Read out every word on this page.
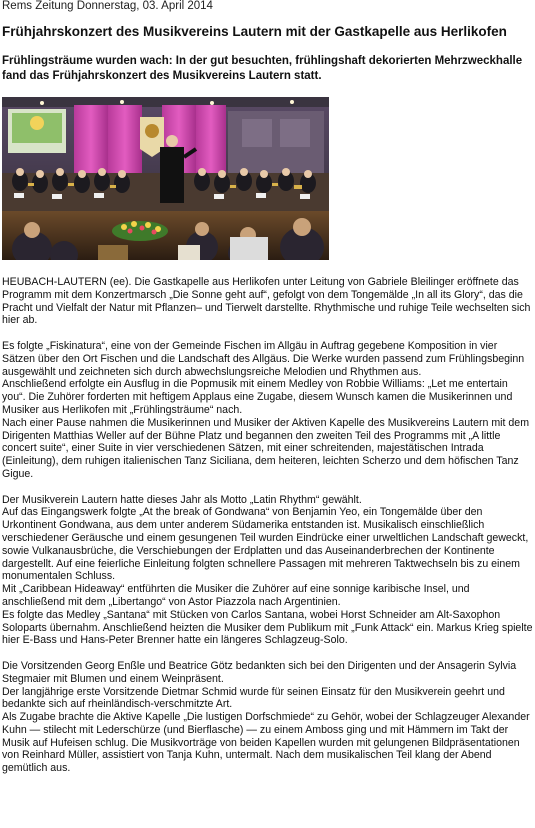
Rems Zeitung Donnerstag, 03. April 2014
Frühjahrskonzert des Musikvereins Lautern mit der Gastkapelle aus Herlikofen
Frühlingsträume wurden wach: In der gut besuchten, frühlingshaft dekorierten Mehrzweckhalle fand das Frühjahrskonzert des Musikvereins Lautern statt.

HEUBACH-LAUTERN (ee). Die Gastkapelle aus Herlikofen unter Leitung von Gabriele Bleilinger eröffnete das Programm mit dem Konzertmarsch „Die Sonne geht auf“, gefolgt von dem Tongemälde „In all its Glory“, das die Pracht und Vielfalt der Natur mit Pflanzen– und Tierwelt darstellte. Rhythmische und ruhige Teile wechselten sich hier ab.

Es folgte „Fiskinatura“, eine von der Gemeinde Fischen im Allgäu in Auftrag gegebene Komposition in vier Sätzen über den Ort Fischen und die Landschaft des Allgäus. Die Werke wurden passend zum Frühlingsbeginn ausgewählt und zeichneten sich durch abwechslungsreiche Melodien und Rhythmen aus.

Anschließend erfolgte ein Ausflug in die Popmusik mit einem Medley von Robbie Williams: „Let me entertain you“. Die Zuhörer forderten mit heftigem Applaus eine Zugabe, diesem Wunsch kamen die Musikerinnen und Musiker aus Herlikofen mit „Frühlingsträume“ nach.

Nach einer Pause nahmen die Musikerinnen und Musiker der Aktiven Kapelle des Musikvereins Lautern mit dem Dirigenten Matthias Weller auf der Bühne Platz und begannen den zweiten Teil des Programms mit „A little concert suite“, einer Suite in vier verschiedenen Sätzen, mit einer schreitenden, majestätischen Intrada (Einleitung), dem ruhigen italienischen Tanz Siciliana, dem heiteren, leichten Scherzo und dem höfischen Tanz Gigue.

Der Musikverein Lautern hatte dieses Jahr als Motto „Latin Rhythm“ gewählt.

Auf das Eingangswerk folgte „At the break of Gondwana“ von Benjamin Yeo, ein Tongemälde über den Urkontinent Gondwana, aus dem unter anderem Südamerika entstanden ist. Musikalisch einschließlich verschiedener Geräusche und einem gesungenen Teil wurden Eindrücke einer urweltlichen Landschaft geweckt, sowie Vulkanausbrüche, die Verschiebungen der Erdplatten und das Auseinanderbrechen der Kontinente dargestellt. Auf eine feierliche Einleitung folgten schnellere Passagen mit mehreren Taktwechseln bis zu einem monumentalen Schluss.

Mit „Caribbean Hideaway“ entführten die Musiker die Zuhörer auf eine sonnige karibische Insel, und anschließend mit dem „Libertango“ von Astor Piazzola nach Argentinien.

Es folgte das Medley „Santana“ mit Stücken von Carlos Santana, wobei Horst Schneider am Alt-Saxophon Soloparts übernahm. Anschließend heizten die Musiker dem Publikum mit „Funk Attack“ ein. Markus Krieg spielte hier E-Bass und Hans-Peter Brenner hatte ein längeres Schlagzeug-Solo.

Die Vorsitzenden Georg Enßle und Beatrice Götz bedankten sich bei den Dirigenten und der Ansagerin Sylvia Stegmaier mit Blumen und einem Weinpräsent.

Der langjährige erste Vorsitzende Dietmar Schmid wurde für seinen Einsatz für den Musikverein geehrt und bedankte sich auf rheinländisch-verschmitzte Art.

Als Zugabe brachte die Aktive Kapelle „Die lustigen Dorfschmiede“ zu Gehör, wobei der Schlagzeuger Alexander Kuhn — stilecht mit Lederschürze (und Bierflasche) — zu einem Amboss ging und mit Hämmern im Takt der Musik auf Hufeisen schlug. Die Musikvorträge von beiden Kapellen wurden mit gelungenen Bildpräsentationen von Reinhard Müller, assistiert von Tanja Kuhn, untermalt. Nach dem musikalischen Teil klang der Abend gemütlich aus.
